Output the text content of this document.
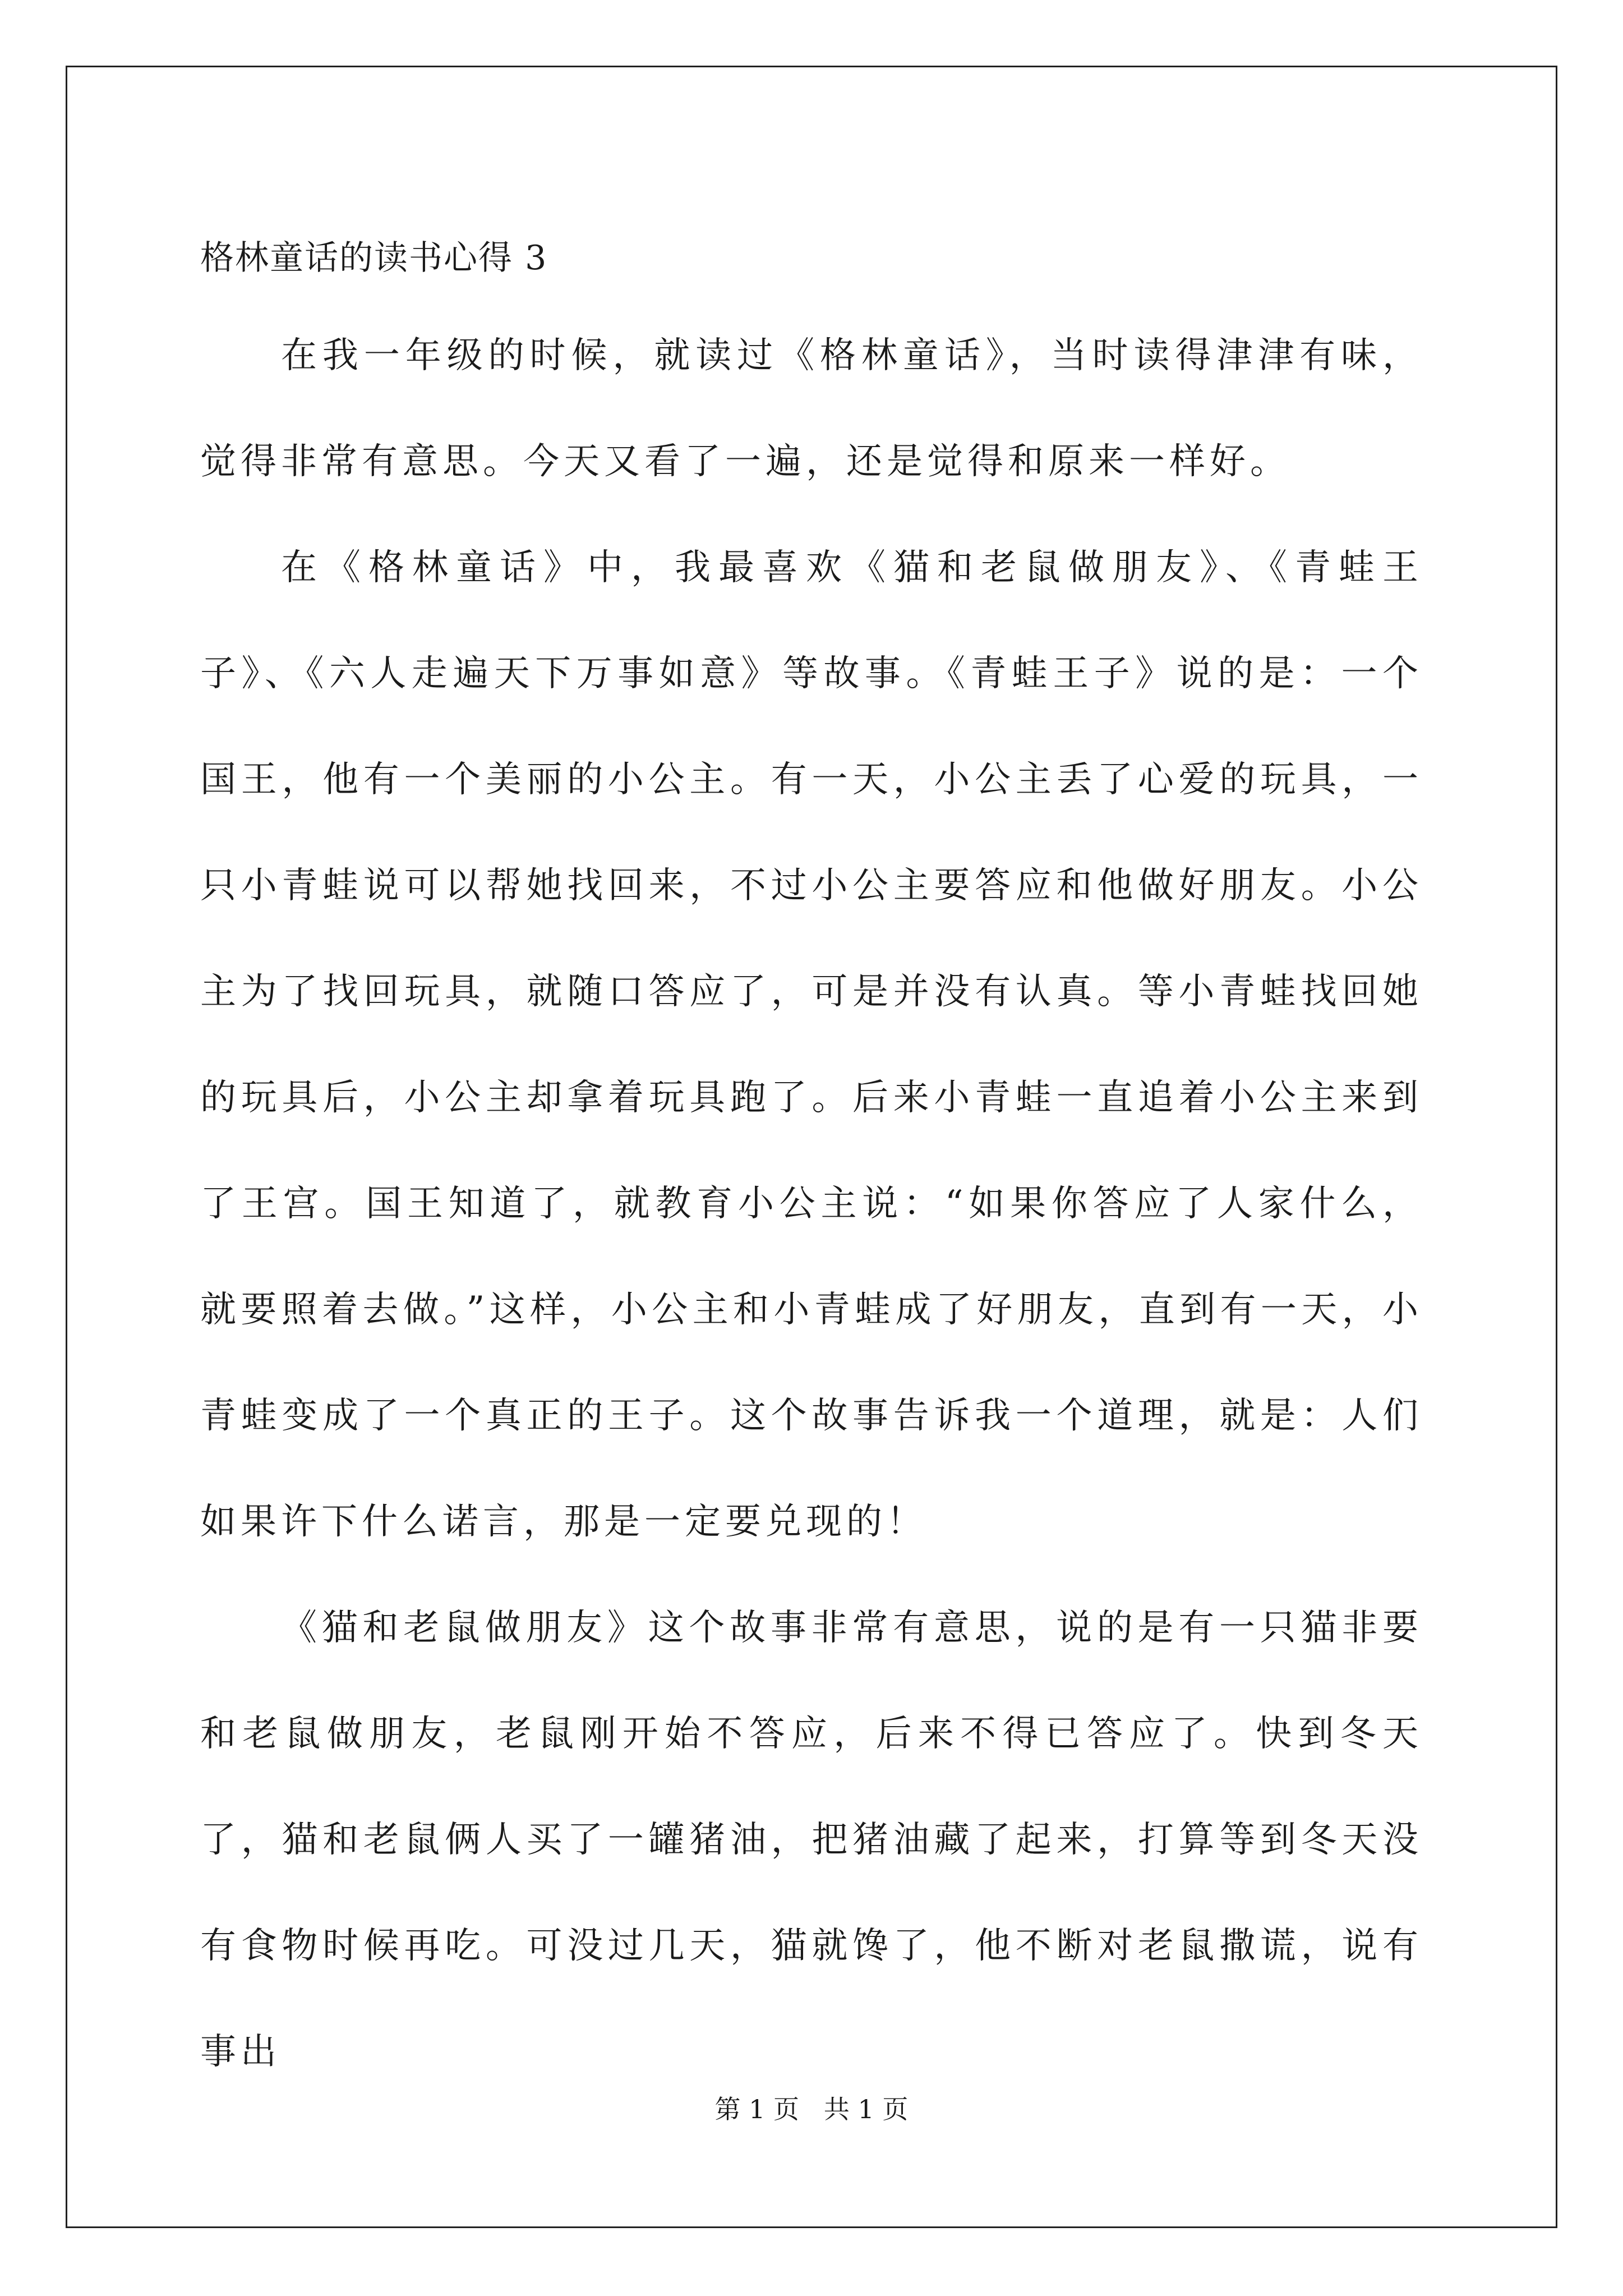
格林童话的读书心得 3

在我一年级的时候，就读过《格林童话》，当时读得津津有味，觉得非常有意思。今天又看了一遍，还是觉得和原来一样好。

在《格林童话》中，我最喜欢《猫和老鼠做朋友》、《青蛙王子》、《六人走遍天下万事如意》等故事。《青蛙王子》说的是：一个国王，他有一个美丽的小公主。有一天，小公主丢了心爱的玩具，一只小青蛙说可以帮她找回来，不过小公主要答应和他做好朋友。小公主为了找回玩具，就随口答应了，可是并没有认真。等小青蛙找回她的玩具后，小公主却拿着玩具跑了。后来小青蛙一直追着小公主来到了王宫。国王知道了，就教育小公主说：“如果你答应了人家什么，就要照着去做。”这样，小公主和小青蛙成了好朋友，直到有一天，小青蛙变成了一个真正的王子。这个故事告诉我一个道理，就是：人们如果许下什么诺言，那是一定要兑现的！

《猫和老鼠做朋友》这个故事非常有意思，说的是有一只猫非要和老鼠做朋友，老鼠刚开始不答应，后来不得已答应了。快到冬天了，猫和老鼠俩人买了一罐猪油，把猪油藏了起来，打算等到冬天没有食物时候再吃。可没过几天，猫就馋了，他不断对老鼠撒谎，说有事出

第 1 页   共 1 页
